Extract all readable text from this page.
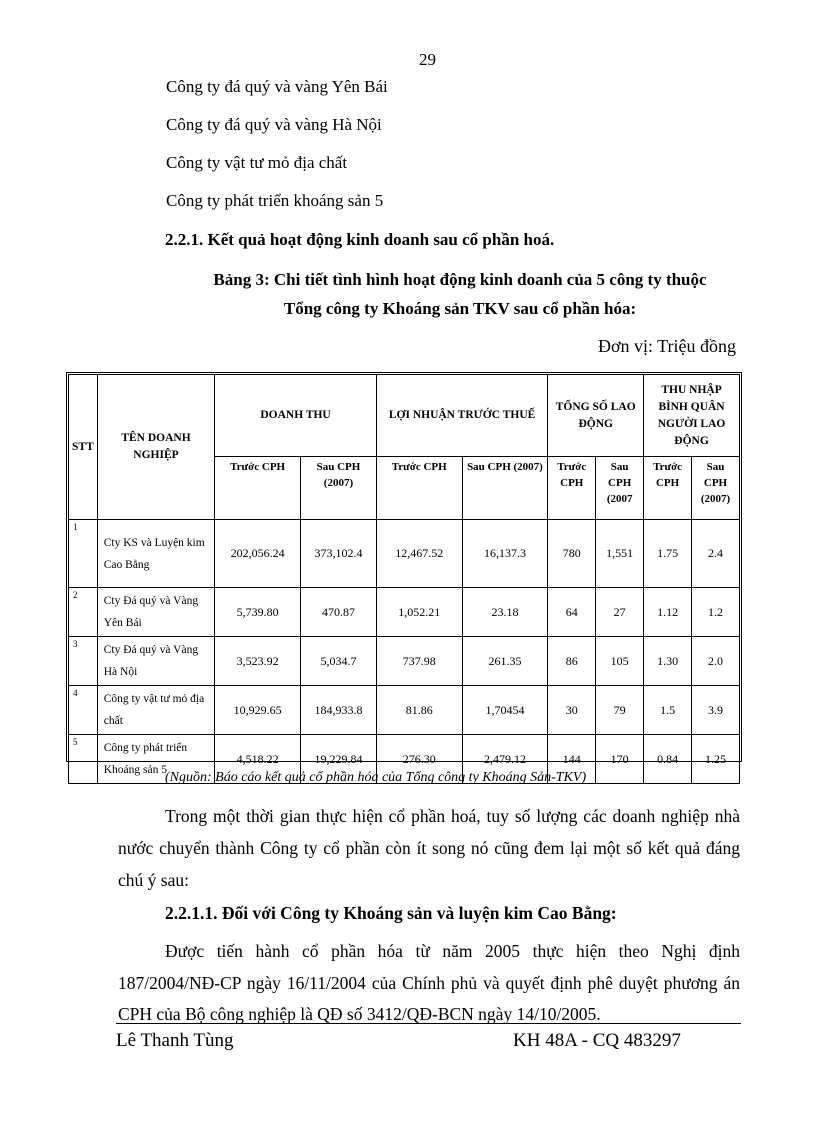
29
Công ty đá quý và vàng Yên Bái
Công ty đá quý và vàng Hà Nội
Công ty vật tư mỏ địa chất
Công ty phát triển khoáng sản 5
2.2.1. Kết quả hoạt động kinh doanh sau cổ phần hoá.
Bảng 3: Chi tiết tình hình hoạt động kinh doanh của 5 công ty thuộc
Tổng công ty Khoáng sản TKV sau cổ phần hóa:
Đơn vị: Triệu đồng
STT	TÊN DOANH NGHIỆP	DOANH THU		LỢI NHUẬN TRƯỚC THUẾ		TỔNG SỐ LAO ĐỘNG		THU NHẬP BÌNH QUÂN NGƯỜI LAO ĐỘNG	
		Trước CPH	Sau CPH (2007)	Trước CPH	Sau CPH (2007)	Trước CPH	Sau CPH (2007	Trước CPH	Sau CPH (2007)
1	Cty KS và Luyện kim Cao Bằng	202,056.24	373,102.4	12,467.52	16,137.3	780	1,551	1.75	2.4
2	Cty Đá quý và Vàng Yên Bái	5,739.80	470.87	1,052.21	23.18	64	27	1.12	1.2
3	Cty Đá quý và Vàng Hà Nội	3,523.92	5,034.7	737.98	261.35	86	105	1.30	2.0
4	Công ty vật tư mỏ địa chất	10,929.65	184,933.8	81.86	1,70454	30	79	1.5	3.9
5	Công ty phát triển Khoáng sản 5	4,518.22	19,229.84	276.30	2,479.12	144	170	0.84	1.25
(Nguồn: Báo cáo kết quả cổ phần hóa của Tổng công ty Khoáng Sản-TKV)
Trong một thời gian thực hiện cổ phần hoá, tuy số lượng các doanh nghiệp nhà nước chuyển thành Công ty cổ phần còn ít song nó cũng đem lại một số kết quả đáng chú ý sau:
2.2.1.1. Đối với Công ty Khoáng sản và luyện kim Cao Bằng:
Được tiến hành cổ phần hóa từ năm 2005 thực hiện theo Nghị định 187/2004/NĐ-CP ngày 16/11/2004 của Chính phủ và quyết định phê duyệt phương án CPH của Bộ công nghiệp là QĐ số 3412/QĐ-BCN ngày 14/10/2005.
Lê Thanh Tùng	KH 48A - CQ 483297
